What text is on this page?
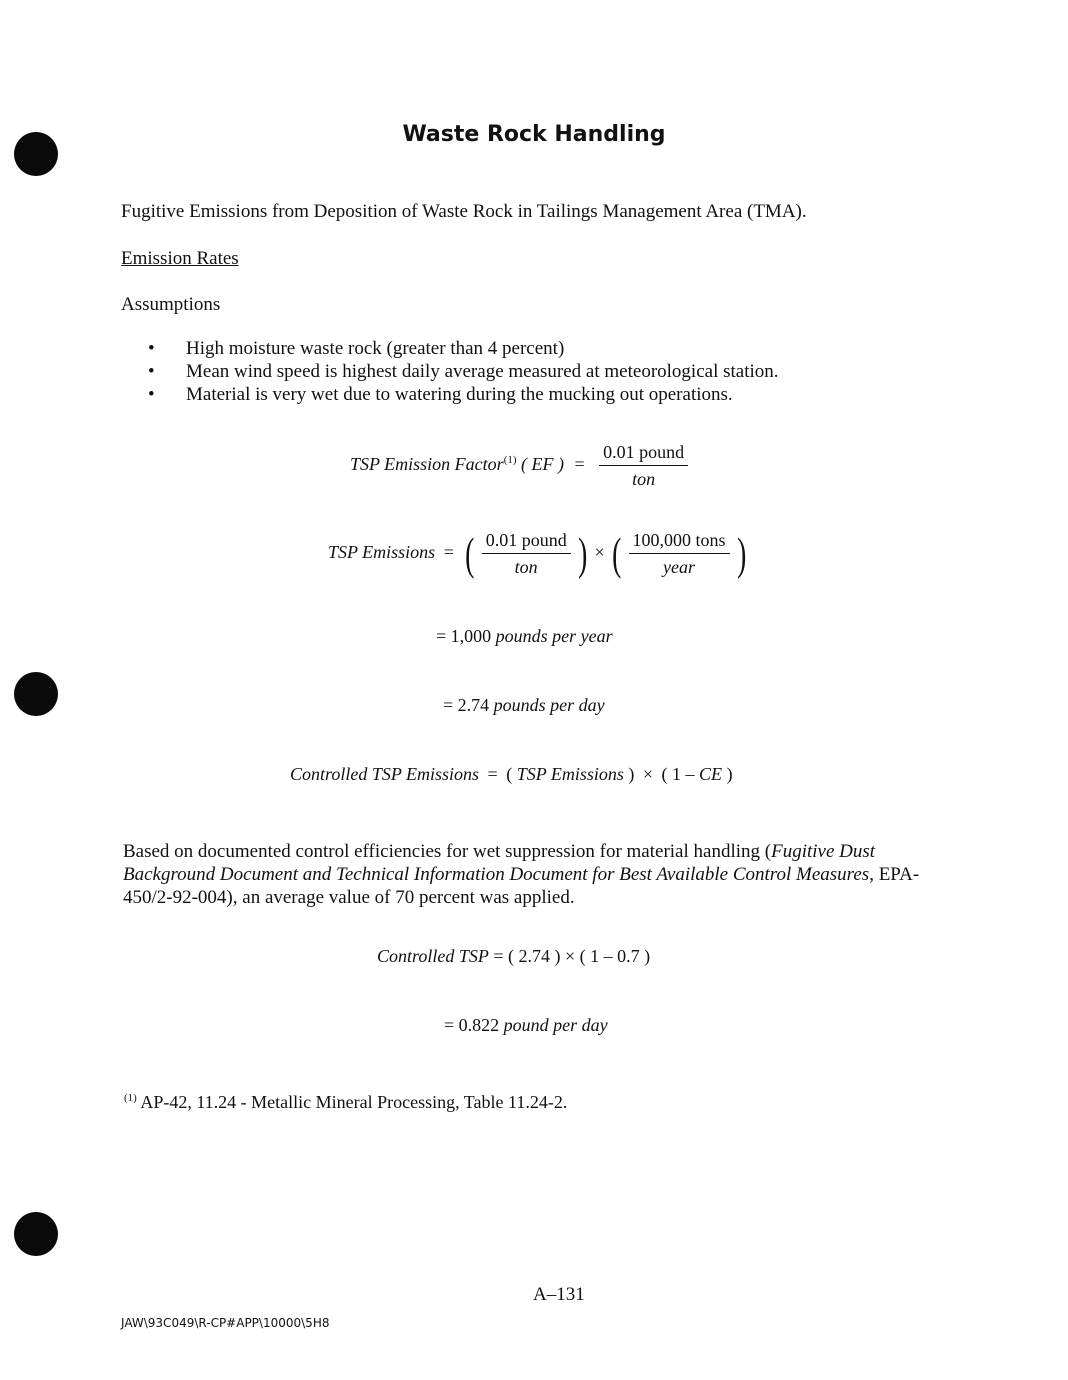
Waste Rock Handling
Fugitive Emissions from Deposition of Waste Rock in Tailings Management Area (TMA).
Emission Rates
Assumptions
• High moisture waste rock (greater than 4 percent)
• Mean wind speed is highest daily average measured at meteorological station.
• Material is very wet due to watering during the mucking out operations.
TSP Emission Factor$^{(1)}$ ( EF ) = $\frac{\text{0.01 pound}}{\text{ton}}$
TSP Emissions = ( $\frac{\text{0.01 pound}}{\text{ton}}$ ) × ( $\frac{\text{100,000 tons}}{\text{year}}$ )
= 1,000 pounds per year
= 2.74 pounds per day
Controlled TSP Emissions = ( TSP Emissions ) × ( 1 – CE )
Based on documented control efficiencies for wet suppression for material handling (Fugitive Dust Background Document and Technical Information Document for Best Available Control Measures, EPA-450/2-92-004), an average value of 70 percent was applied.
Controlled TSP = ( 2.74 ) × ( 1 – 0.7 )
= 0.822 pound per day
$^{(1)}$ AP-42, 11.24 - Metallic Mineral Processing, Table 11.24-2.
A–131
JAW\93C049\R-CP#APP\10000\5H8
